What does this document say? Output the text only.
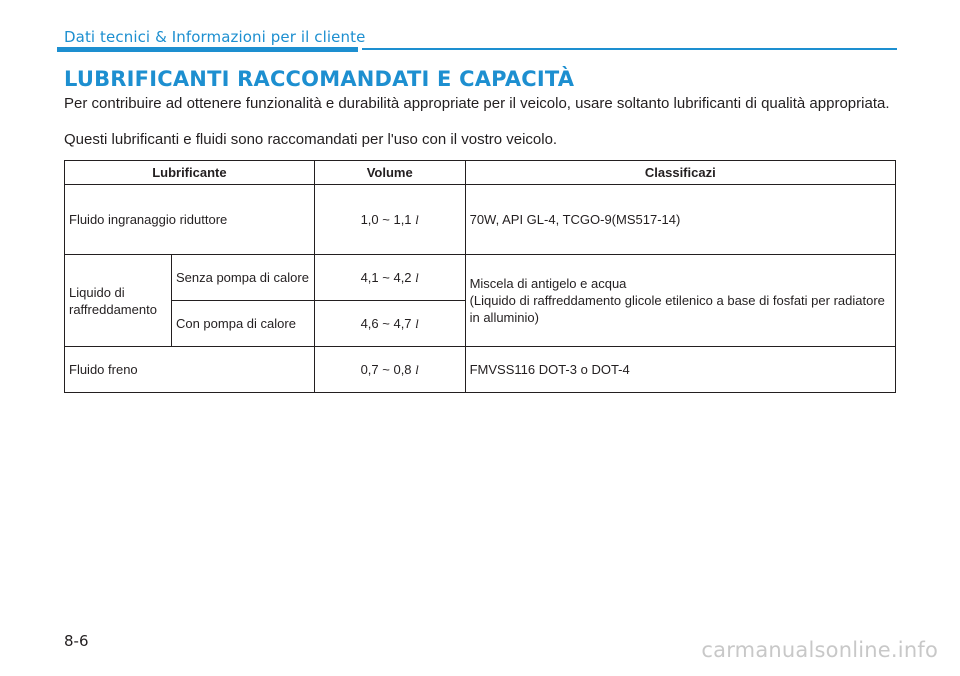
Dati tecnici & Informazioni per il cliente
LUBRIFICANTI RACCOMANDATI E CAPACITÀ

Per contribuire ad ottenere funzionalità e durabilità appropriate per il veicolo, usare soltanto lubrificanti di qualità appropriata.

Questi lubrificanti e fluidi sono raccomandati per l'uso con il vostro veicolo.

Lubrificante		Volume	Classificazi
Fluido ingranaggio riduttore		1,0 ~ 1,1 l	70W, API GL-4, TCGO-9(MS517-14)
Liquido di raffreddamento	Senza pompa di calore	4,1 ~ 4,2 l	Miscela di antigelo e acqua
(Liquido di raffreddamento glicole etilenico a base di fosfati per radiatore in alluminio)

	Con pompa di calore	4,6 ~ 4,7 l	
Fluido freno		0,7 ~ 0,8 l	FMVSS116 DOT-3 o DOT-4
8-6	carmanualsonline.info
